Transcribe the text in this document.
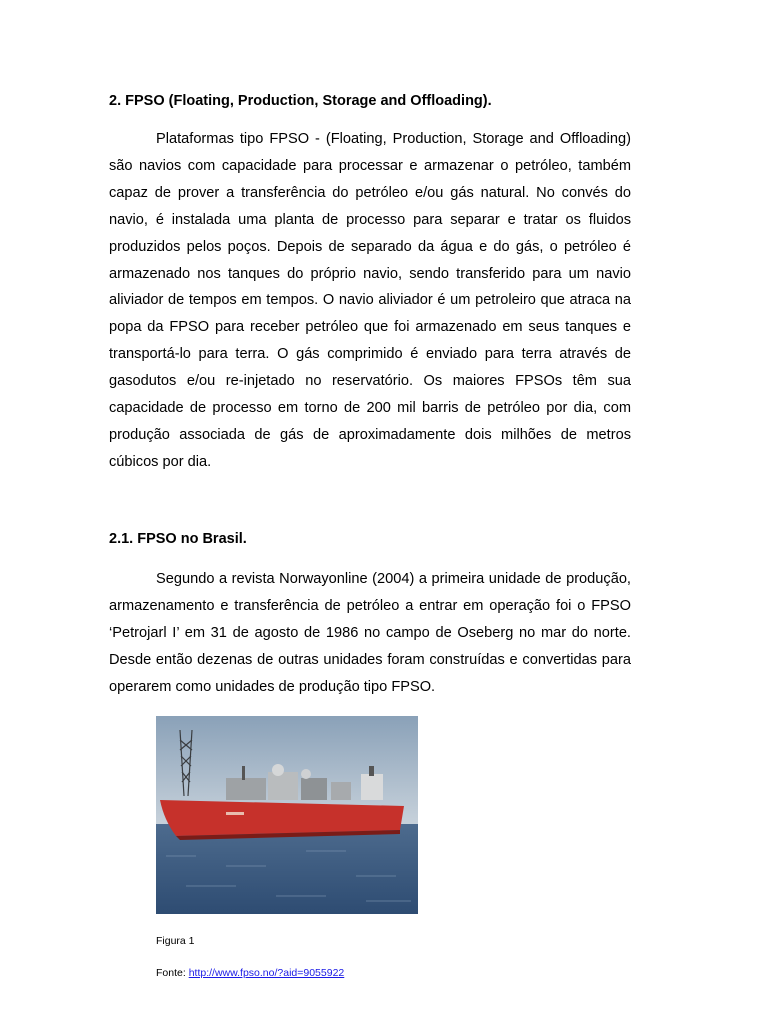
2. FPSO (Floating, Production, Storage and Offloading).

Plataformas tipo FPSO - (Floating, Production, Storage and Offloading) são navios com capacidade para processar e armazenar o petróleo, também capaz de prover a transferência do petróleo e/ou gás natural. No convés do navio, é instalada uma planta de processo para separar e tratar os fluidos produzidos pelos poços. Depois de separado da água e do gás, o petróleo é armazenado nos tanques do próprio navio, sendo transferido para um navio aliviador de tempos em tempos. O navio aliviador é um petroleiro que atraca na popa da FPSO para receber petróleo que foi armazenado em seus tanques e transportá-lo para terra. O gás comprimido é enviado para terra através de gasodutos e/ou re-injetado no reservatório. Os maiores FPSOs têm sua capacidade de processo em torno de 200 mil barris de petróleo por dia, com produção associada de gás de aproximadamente dois milhões de metros cúbicos por dia.

2.1. FPSO no Brasil.

Segundo a revista Norwayonline (2004) a primeira unidade de produção, armazenamento e transferência de petróleo a entrar em operação foi o FPSO ‘Petrojarl I’ em 31 de agosto de 1986 no campo de Oseberg no mar do norte. Desde então dezenas de outras unidades foram construídas e convertidas para operarem como unidades de produção tipo FPSO.

Figura 1

Fonte: http://www.fpso.no/?aid=9055922
